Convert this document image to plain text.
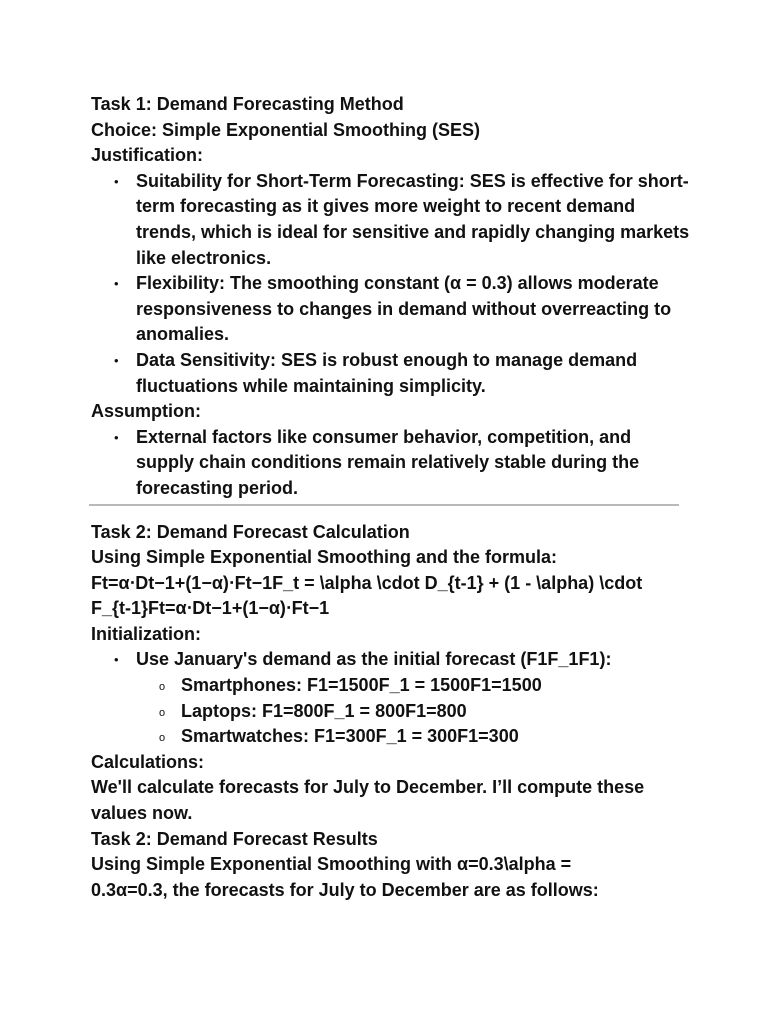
Task 1: Demand Forecasting Method

Choice: Simple Exponential Smoothing (SES)

Justification:

• Suitability for Short-Term Forecasting: SES is effective for short-term forecasting as it gives more weight to recent demand trends, which is ideal for sensitive and rapidly changing markets like electronics.
• Flexibility: The smoothing constant (α = 0.3) allows moderate responsiveness to changes in demand without overreacting to anomalies.
• Data Sensitivity: SES is robust enough to manage demand fluctuations while maintaining simplicity.

Assumption:

• External factors like consumer behavior, competition, and supply chain conditions remain relatively stable during the forecasting period.

Task 2: Demand Forecast Calculation

Using Simple Exponential Smoothing and the formula:

Ft=α⋅Dt−1+(1−α)⋅Ft−1F_t = \alpha \cdot D_{t-1} + (1 - \alpha) \cdot

F_{t-1}Ft=α⋅Dt−1+(1−α)⋅Ft−1

Initialization:

• Use January's demand as the initial forecast (F1F_1F1):
o Smartphones: F1=1500F_1 = 1500F1=1500
o Laptops: F1=800F_1 = 800F1=800
o Smartwatches: F1=300F_1 = 300F1=300

Calculations:

We'll calculate forecasts for July to December. I’ll compute these values now.

Task 2: Demand Forecast Results

Using Simple Exponential Smoothing with α=0.3\alpha =

0.3α=0.3, the forecasts for July to December are as follows:
